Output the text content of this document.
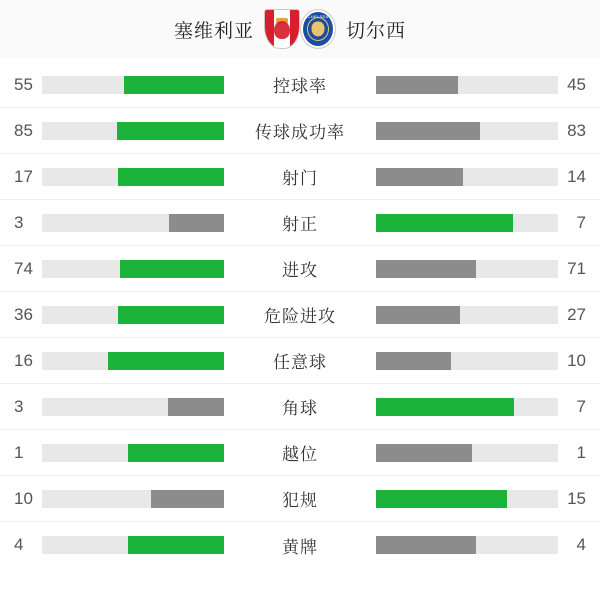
塞维利亚
CHELSEA
切尔西
55	控球率	45
85	传球成功率	83
17	射门	14
3	射正	7
74	进攻	71
36	危险进攻	27
16	任意球	10
3	角球	7
1	越位	1
10	犯规	15
4	黄牌	4
